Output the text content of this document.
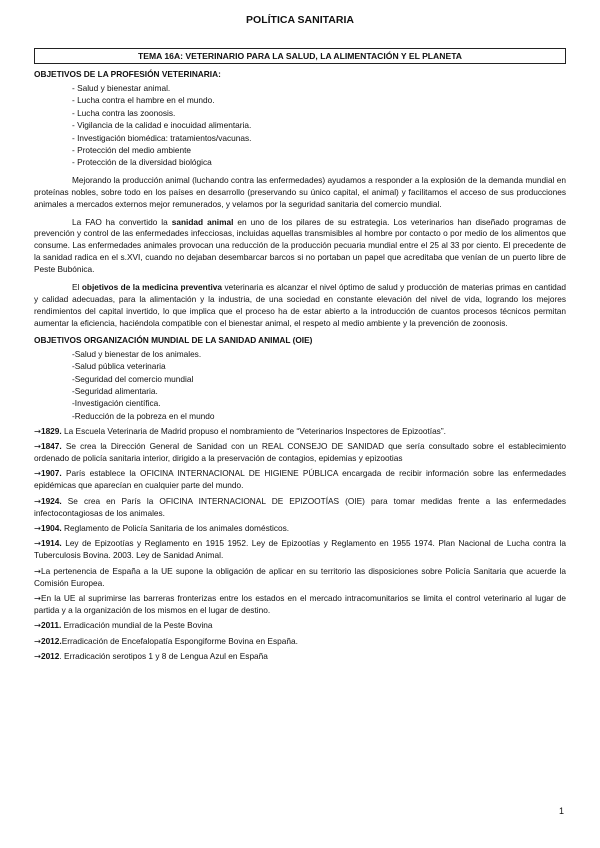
POLÍTICA SANITARIA
TEMA 16A: VETERINARIO PARA LA SALUD, LA ALIMENTACIÓN Y EL PLANETA
OBJETIVOS DE LA PROFESIÓN VETERINARIA:
- Salud y bienestar animal.
- Lucha contra el hambre en el mundo.
- Lucha contra las zoonosis.
- Vigilancia de la calidad e inocuidad alimentaria.
- Investigación biomédica: tratamientos/vacunas.
- Protección del medio ambiente
- Protección de la diversidad biológica

Mejorando la producción animal (luchando contra las enfermedades) ayudamos a responder a la explosión de la demanda mundial en proteínas nobles, sobre todo en los países en desarrollo (preservando su único capital, el animal) y facilitamos el acceso de sus producciones animales a mercados externos mejor remunerados, y velamos por la seguridad sanitaria del comercio mundial.

La FAO ha convertido la sanidad animal en uno de los pilares de su estrategia. Los veterinarios han diseñado programas de prevención y control de las enfermedades infecciosas, incluidas aquellas transmisibles al hombre por contacto o por medio de los alimentos que consume. Las enfermedades animales provocan una reducción de la producción pecuaria mundial entre el 25 al 33 por ciento. El precedente de la sanidad radica en el s.XVI, cuando no dejaban desembarcar barcos si no portaban un papel que acreditaba que venían de un puerto libre de Peste Bubónica.

El objetivos de la medicina preventiva veterinaria es alcanzar el nivel óptimo de salud y producción de materias primas en cantidad y calidad adecuadas, para la alimentación y la industria, de una sociedad en constante elevación del nivel de vida, logrando los mejores rendimientos del capital invertido, lo que implica que el proceso ha de estar abierto a la introducción de cuantos procesos técnicos permitan aumentar la eficiencia, haciéndola compatible con el bienestar animal, el respeto al medio ambiente y la prevención de zoonosis.

OBJETIVOS ORGANIZACIÓN MUNDIAL DE LA SANIDAD ANIMAL (OIE)
-Salud y bienestar de los animales.
-Salud pública veterinaria
-Seguridad del comercio mundial
-Seguridad alimentaria.
-Investigación científica.
-Reducción de la pobreza en el mundo
→1829. La Escuela Veterinaria de Madrid propuso el nombramiento de “Veterinarios Inspectores de Epizootías”.
→1847. Se crea la Dirección General de Sanidad con un REAL CONSEJO DE SANIDAD que sería consultado sobre el establecimiento ordenado de policía sanitaria interior, dirigido a la preservación de contagios, epidemias y epizootias
→1907. París establece la OFICINA INTERNACIONAL DE HIGIENE PÚBLICA encargada de recibir información sobre las enfermedades epidémicas que aparecían en cualquier parte del mundo.
→1924. Se crea en París la OFICINA INTERNACIONAL DE EPIZOOTÍAS (OIE) para tomar medidas frente a las enfermedades infectocontagiosas de los animales.
→1904. Reglamento de Policía Sanitaria de los animales domésticos.
→1914. Ley de Epizootías y Reglamento en 1915 1952. Ley de Epizootías y Reglamento en 1955 1974. Plan Nacional de Lucha contra la Tuberculosis Bovina. 2003. Ley de Sanidad Animal.
→La pertenencia de España a la UE supone la obligación de aplicar en su territorio las disposiciones sobre Policía Sanitaria que acuerde la Comisión Europea.
→En la UE al suprimirse las barreras fronterizas entre los estados en el mercado intracomunitarios se limita el control veterinario al lugar de partida y a la organización de los mismos en el lugar de destino.
→2011. Erradicación mundial de la Peste Bovina
→2012.Erradicación de Encefalopatía Espongiforme Bovina en España.
→2012. Erradicación serotipos 1 y 8 de Lengua Azul en España
1
